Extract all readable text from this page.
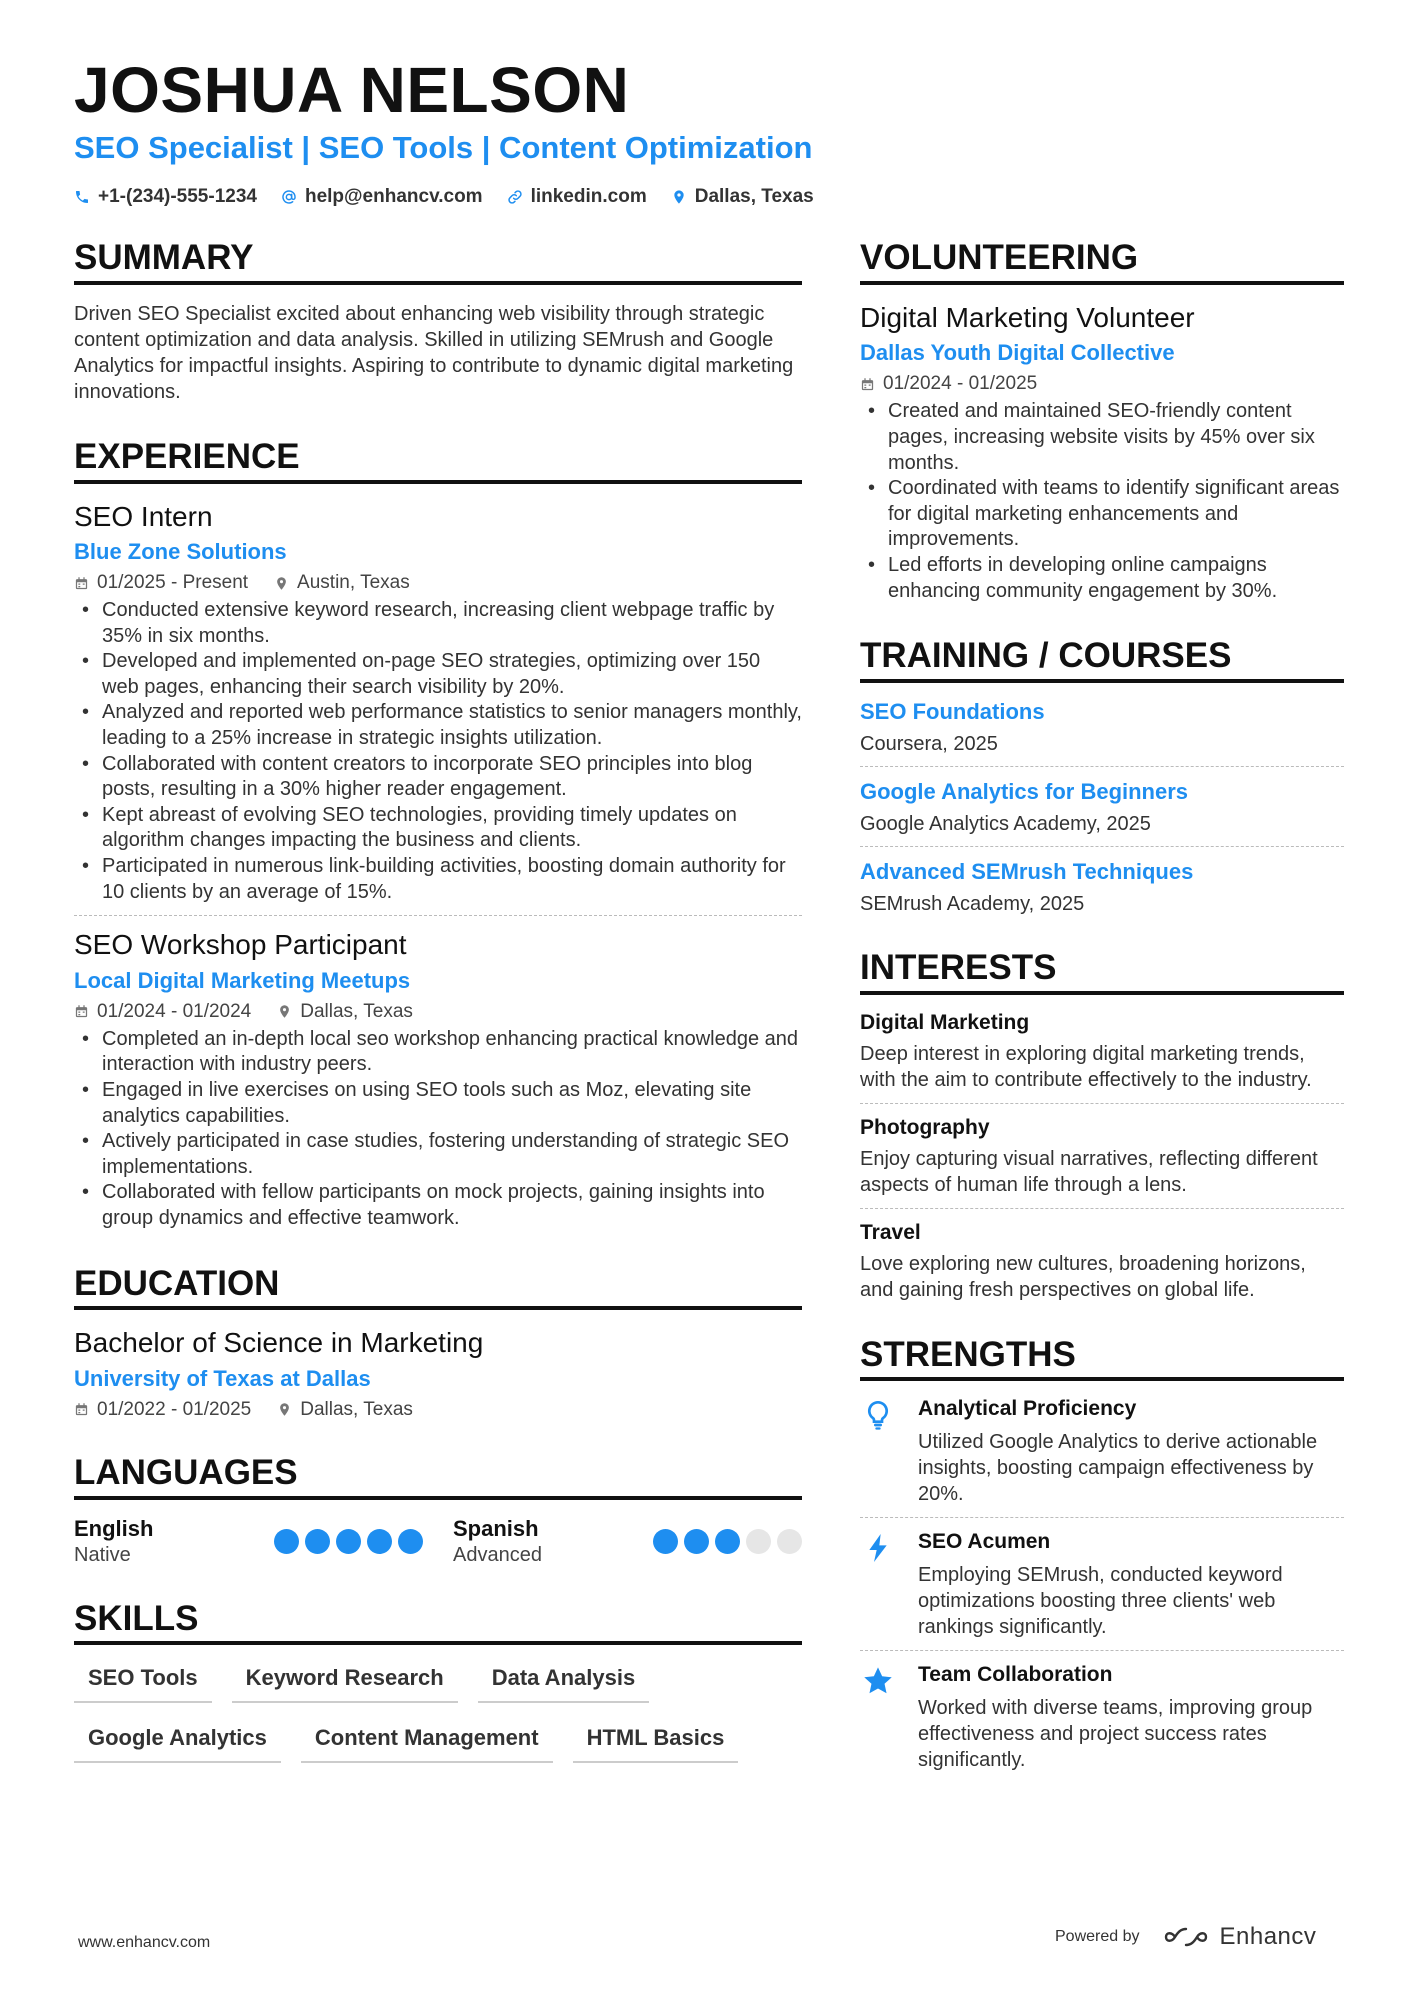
JOSHUA NELSON
SEO Specialist | SEO Tools | Content Optimization
+1-(234)-555-1234	help@enhancv.com	linkedin.com	Dallas, Texas
SUMMARY
Driven SEO Specialist excited about enhancing web visibility through strategic content optimization and data analysis. Skilled in utilizing SEMrush and Google Analytics for impactful insights. Aspiring to contribute to dynamic digital marketing innovations.
EXPERIENCE
SEO Intern
Blue Zone Solutions
01/2025 - Present	Austin, Texas
• Conducted extensive keyword research, increasing client webpage traffic by 35% in six months.
• Developed and implemented on-page SEO strategies, optimizing over 150 web pages, enhancing their search visibility by 20%.
• Analyzed and reported web performance statistics to senior managers monthly, leading to a 25% increase in strategic insights utilization.
• Collaborated with content creators to incorporate SEO principles into blog posts, resulting in a 30% higher reader engagement.
• Kept abreast of evolving SEO technologies, providing timely updates on algorithm changes impacting the business and clients.
• Participated in numerous link-building activities, boosting domain authority for 10 clients by an average of 15%.
SEO Workshop Participant
Local Digital Marketing Meetups
01/2024 - 01/2024	Dallas, Texas
• Completed an in-depth local seo workshop enhancing practical knowledge and interaction with industry peers.
• Engaged in live exercises on using SEO tools such as Moz, elevating site analytics capabilities.
• Actively participated in case studies, fostering understanding of strategic SEO implementations.
• Collaborated with fellow participants on mock projects, gaining insights into group dynamics and effective teamwork.
EDUCATION
Bachelor of Science in Marketing
University of Texas at Dallas
01/2022 - 01/2025	Dallas, Texas
LANGUAGES
English
Native
Spanish
Advanced
SKILLS
SEO Tools	Keyword Research	Data Analysis
Google Analytics	Content Management	HTML Basics
VOLUNTEERING
Digital Marketing Volunteer
Dallas Youth Digital Collective
01/2024 - 01/2025
• Created and maintained SEO-friendly content pages, increasing website visits by 45% over six months.
• Coordinated with teams to identify significant areas for digital marketing enhancements and improvements.
• Led efforts in developing online campaigns enhancing community engagement by 30%.
TRAINING / COURSES
SEO Foundations
Coursera, 2025
Google Analytics for Beginners
Google Analytics Academy, 2025
Advanced SEMrush Techniques
SEMrush Academy, 2025
INTERESTS
Digital Marketing
Deep interest in exploring digital marketing trends, with the aim to contribute effectively to the industry.
Photography
Enjoy capturing visual narratives, reflecting different aspects of human life through a lens.
Travel
Love exploring new cultures, broadening horizons, and gaining fresh perspectives on global life.
STRENGTHS
Analytical Proficiency
Utilized Google Analytics to derive actionable insights, boosting campaign effectiveness by 20%.
SEO Acumen
Employing SEMrush, conducted keyword optimizations boosting three clients' web rankings significantly.
Team Collaboration
Worked with diverse teams, improving group effectiveness and project success rates significantly.
www.enhancv.com	Powered by	Enhancv
